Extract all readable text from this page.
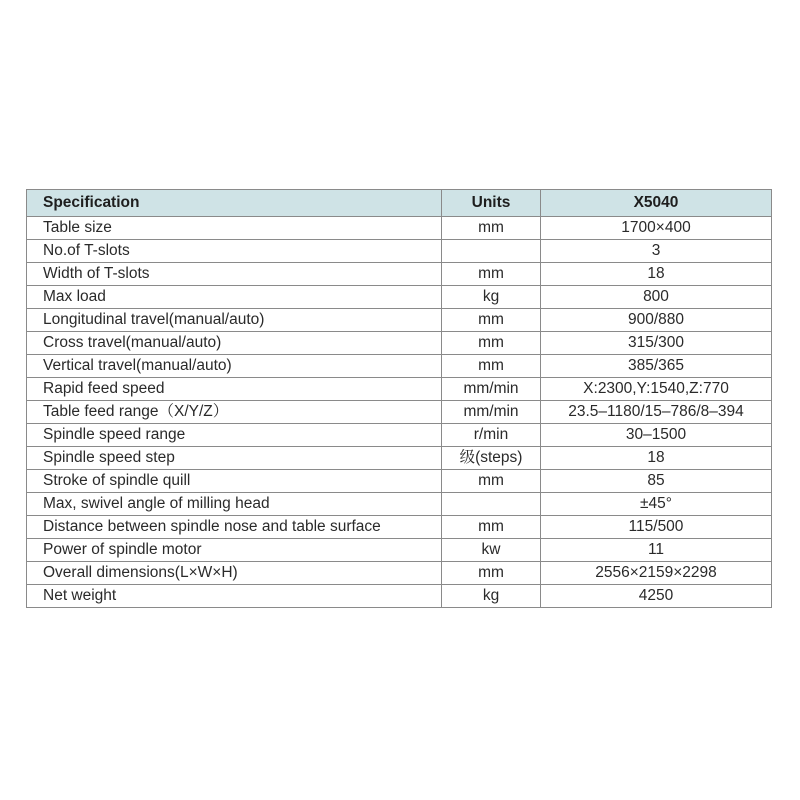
Specification	Units	X5040
Table size	mm	1700×400
No.of T-slots		3
Width of T-slots	mm	18
Max load	kg	800
Longitudinal travel(manual/auto)	mm	900/880
Cross travel(manual/auto)	mm	315/300
Vertical travel(manual/auto)	mm	385/365
Rapid feed speed	mm/min	X:2300,Y:1540,Z:770
Table feed range（X/Y/Z）	mm/min	23.5–1180/15–786/8–394
Spindle speed range	r/min	30–1500
Spindle speed step	级(steps)	18
Stroke of spindle quill	mm	85
Max, swivel angle of milling head		±45°
Distance between spindle nose and table surface	mm	115/500
Power of spindle motor	kw	11
Overall dimensions(L×W×H)	mm	2556×2159×2298
Net weight	kg	4250
